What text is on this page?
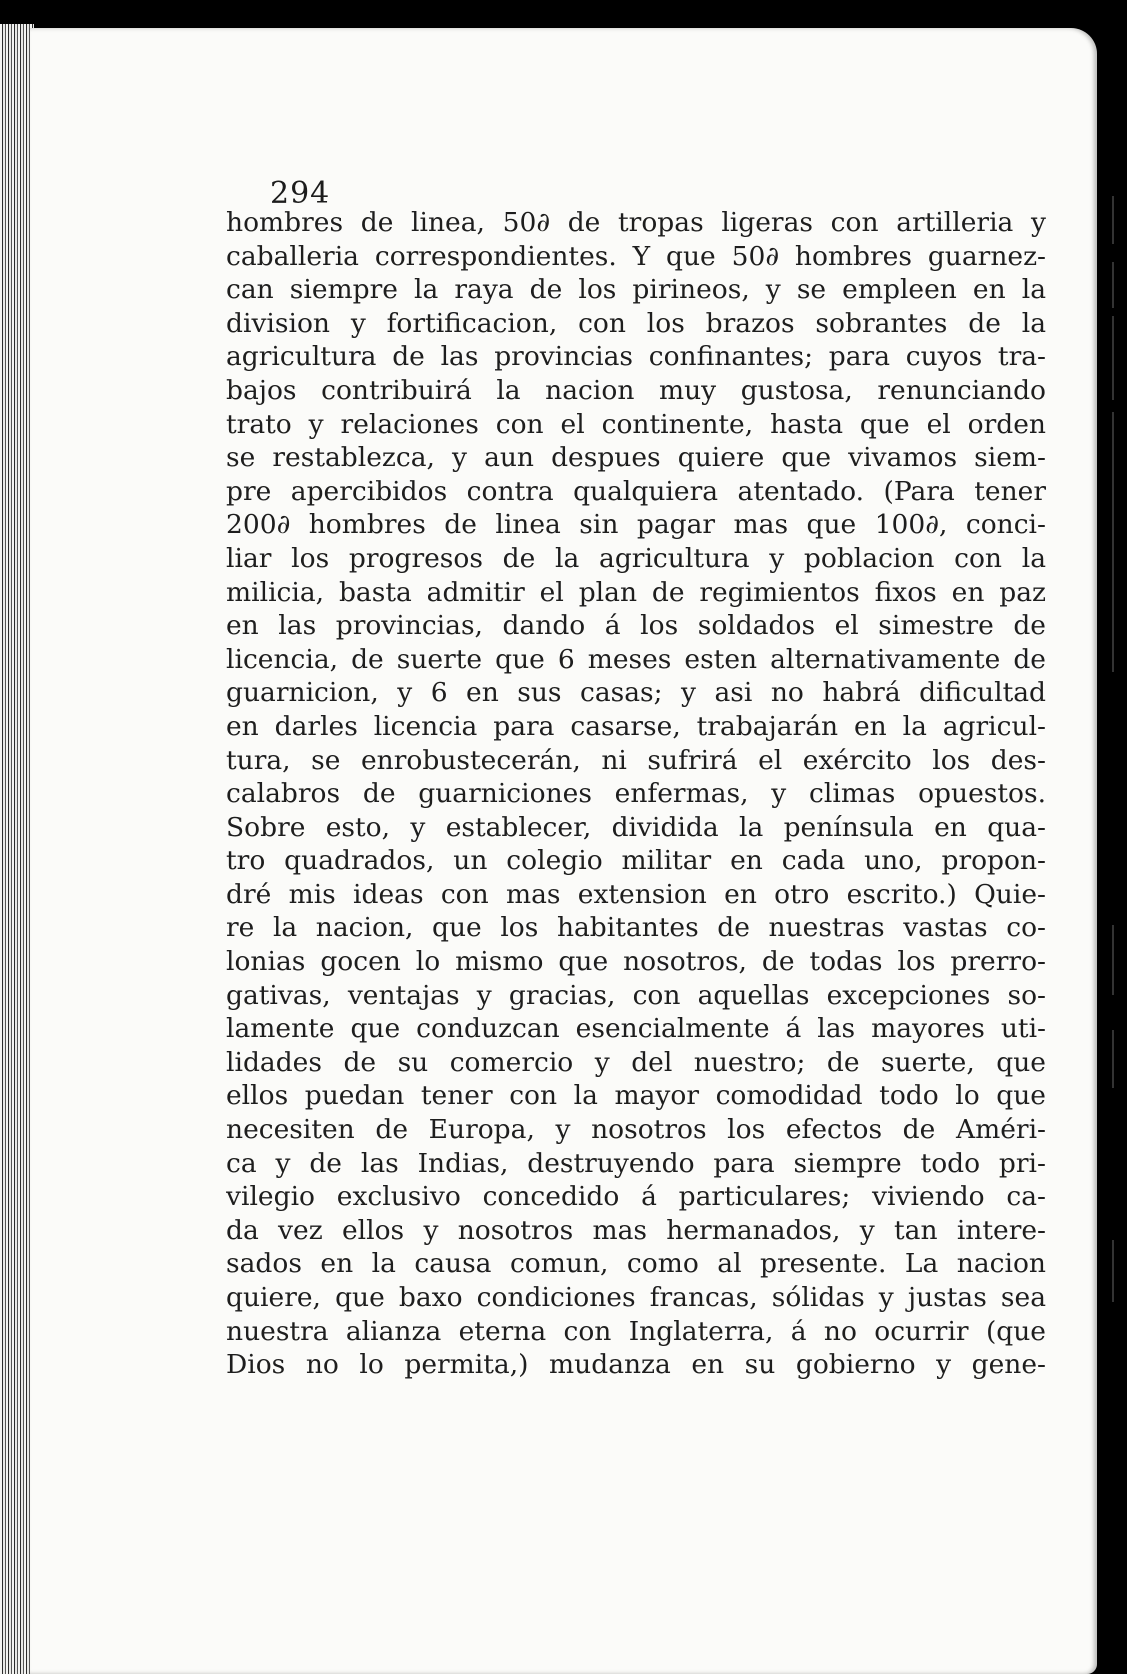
294
hombres de linea, 50∂ de tropas ligeras con artilleria y
caballeria correspondientes. Y que 50∂ hombres guarnez-
can siempre la raya de los pirineos, y se empleen en la
division y fortificacion, con los brazos sobrantes de la
agricultura de las provincias confinantes; para cuyos tra-
bajos contribuirá la nacion muy gustosa, renunciando
trato y relaciones con el continente, hasta que el orden
se restablezca, y aun despues quiere que vivamos siem-
pre apercibidos contra qualquiera atentado. (Para tener
200∂ hombres de linea sin pagar mas que 100∂, conci-
liar los progresos de la agricultura y poblacion con la
milicia, basta admitir el plan de regimientos fixos en paz
en las provincias, dando á los soldados el simestre de
licencia, de suerte que 6 meses esten alternativamente de
guarnicion, y 6 en sus casas; y asi no habrá dificultad
en darles licencia para casarse, trabajarán en la agricul-
tura, se enrobustecerán, ni sufrirá el exército los des-
calabros de guarniciones enfermas, y climas opuestos.
Sobre esto, y establecer, dividida la península en qua-
tro quadrados, un colegio militar en cada uno, propon-
dré mis ideas con mas extension en otro escrito.) Quie-
re la nacion, que los habitantes de nuestras vastas co-
lonias gocen lo mismo que nosotros, de todas los prerro-
gativas, ventajas y gracias, con aquellas excepciones so-
lamente que conduzcan esencialmente á las mayores uti-
lidades de su comercio y del nuestro; de suerte, que
ellos puedan tener con la mayor comodidad todo lo que
necesiten de Europa, y nosotros los efectos de Améri-
ca y de las Indias, destruyendo para siempre todo pri-
vilegio exclusivo concedido á particulares; viviendo ca-
da vez ellos y nosotros mas hermanados, y tan intere-
sados en la causa comun, como al presente. La nacion
quiere, que baxo condiciones francas, sólidas y justas sea
nuestra alianza eterna con Inglaterra, á no ocurrir (que
Dios no lo permita,) mudanza en su gobierno y gene-
